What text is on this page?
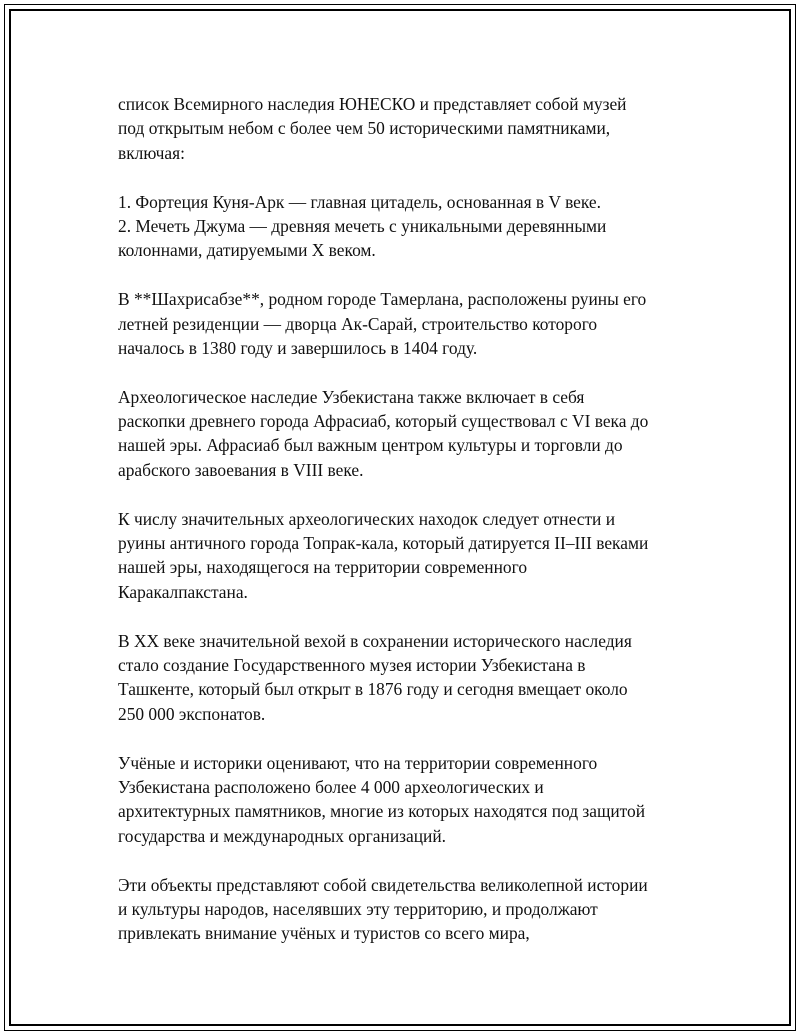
список Всемирного наследия ЮНЕСКО и представляет собой музей
под открытым небом с более чем 50 историческими памятниками,
включая:
1. Фортеция Куня-Арк — главная цитадель, основанная в V веке.
2. Мечеть Джума — древняя мечеть с уникальными деревянными
колоннами, датируемыми X веком.
В **Шахрисабзе**, родном городе Тамерлана, расположены руины его
летней резиденции — дворца Ак-Сарай, строительство которого
началось в 1380 году и завершилось в 1404 году.
Археологическое наследие Узбекистана также включает в себя
раскопки древнего города Афрасиаб, который существовал с VI века до
нашей эры. Афрасиаб был важным центром культуры и торговли до
арабского завоевания в VIII веке.
К числу значительных археологических находок следует отнести и
руины античного города Топрак-кала, который датируется II–III веками
нашей эры, находящегося на территории современного
Каракалпакстана.
В XX веке значительной вехой в сохранении исторического наследия
стало создание Государственного музея истории Узбекистана в
Ташкенте, который был открыт в 1876 году и сегодня вмещает около
250 000 экспонатов.
Учёные и историки оценивают, что на территории современного
Узбекистана расположено более 4 000 археологических и
архитектурных памятников, многие из которых находятся под защитой
государства и международных организаций.
Эти объекты представляют собой свидетельства великолепной истории
и культуры народов, населявших эту территорию, и продолжают
привлекать внимание учёных и туристов со всего мира,
